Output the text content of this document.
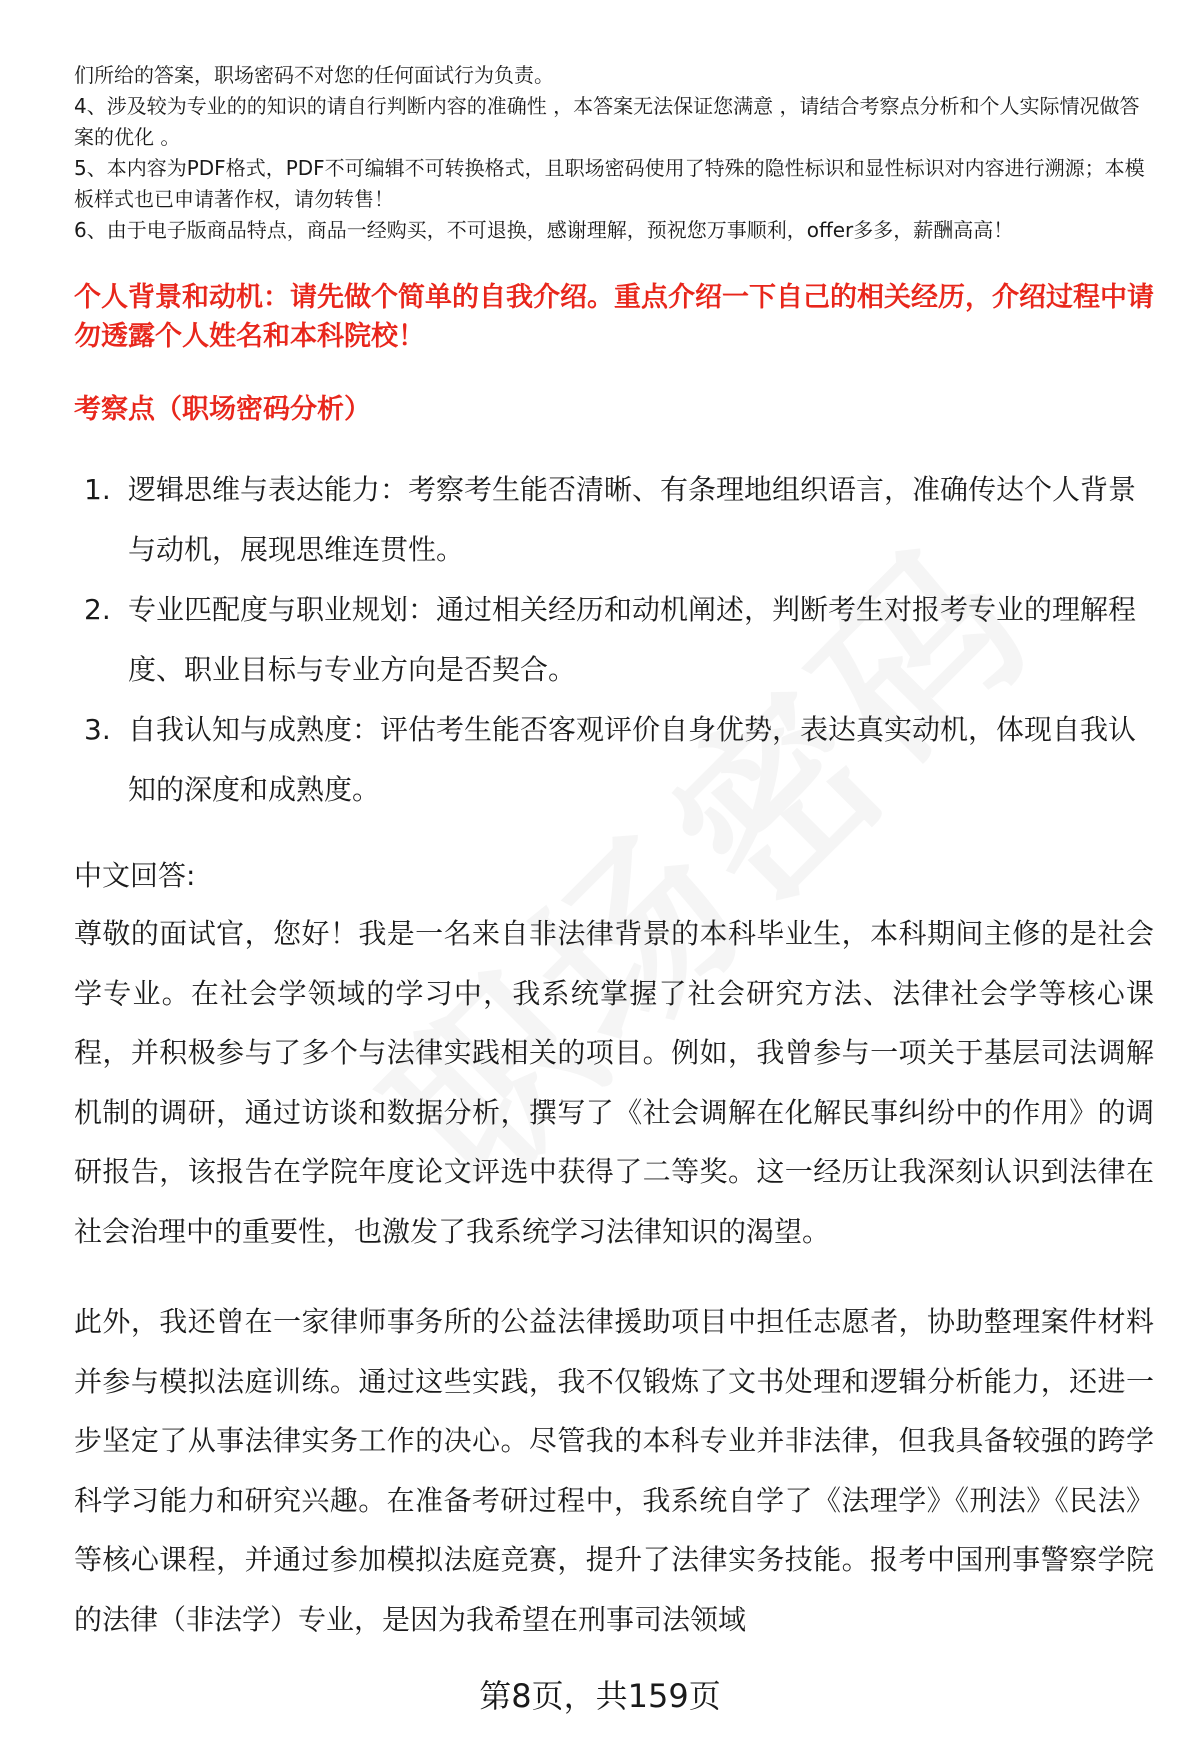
们所给的答案，职场密码不对您的任何面试行为负责。
4、涉及较为专业的的知识的请自行判断内容的准确性 ，本答案无法保证您满意 ，请结合考察点分析和个人实际情况做答案的优化 。
5、本内容为PDF格式，PDF不可编辑不可转换格式，且职场密码使用了特殊的隐性标识和显性标识对内容进行溯源；本模板样式也已申请著作权，请勿转售！
6、由于电子版商品特点，商品一经购买，不可退换，感谢理解，预祝您万事顺利，offer多多，薪酬高高！
个人背景和动机：请先做个简单的自我介绍。重点介绍一下自己的相关经历，介绍过程中请勿透露个人姓名和本科院校！
考察点（职场密码分析）
1. 逻辑思维与表达能力：考察考生能否清晰、有条理地组织语言，准确传达个人背景与动机，展现思维连贯性。
2. 专业匹配度与职业规划：通过相关经历和动机阐述，判断考生对报考专业的理解程度、职业目标与专业方向是否契合。
3. 自我认知与成熟度：评估考生能否客观评价自身优势，表达真实动机，体现自我认知的深度和成熟度。
中文回答:

尊敬的面试官，您好！我是一名来自非法律背景的本科毕业生，本科期间主修的是社会学专业。在社会学领域的学习中，我系统掌握了社会研究方法、法律社会学等核心课程，并积极参与了多个与法律实践相关的项目。例如，我曾参与一项关于基层司法调解机制的调研，通过访谈和数据分析，撰写了《社会调解在化解民事纠纷中的作用》的调研报告，该报告在学院年度论文评选中获得了二等奖。这一经历让我深刻认识到法律在社会治理中的重要性，也激发了我系统学习法律知识的渴望。

此外，我还曾在一家律师事务所的公益法律援助项目中担任志愿者，协助整理案件材料并参与模拟法庭训练。通过这些实践，我不仅锻炼了文书处理和逻辑分析能力，还进一步坚定了从事法律实务工作的决心。尽管我的本科专业并非法律，但我具备较强的跨学科学习能力和研究兴趣。在准备考研过程中，我系统自学了《法理学》《刑法》《民法》等核心课程，并通过参加模拟法庭竞赛，提升了法律实务技能。报考中国刑事警察学院的法律（非法学）专业，是因为我希望在刑事司法领域

第8页，共159页
